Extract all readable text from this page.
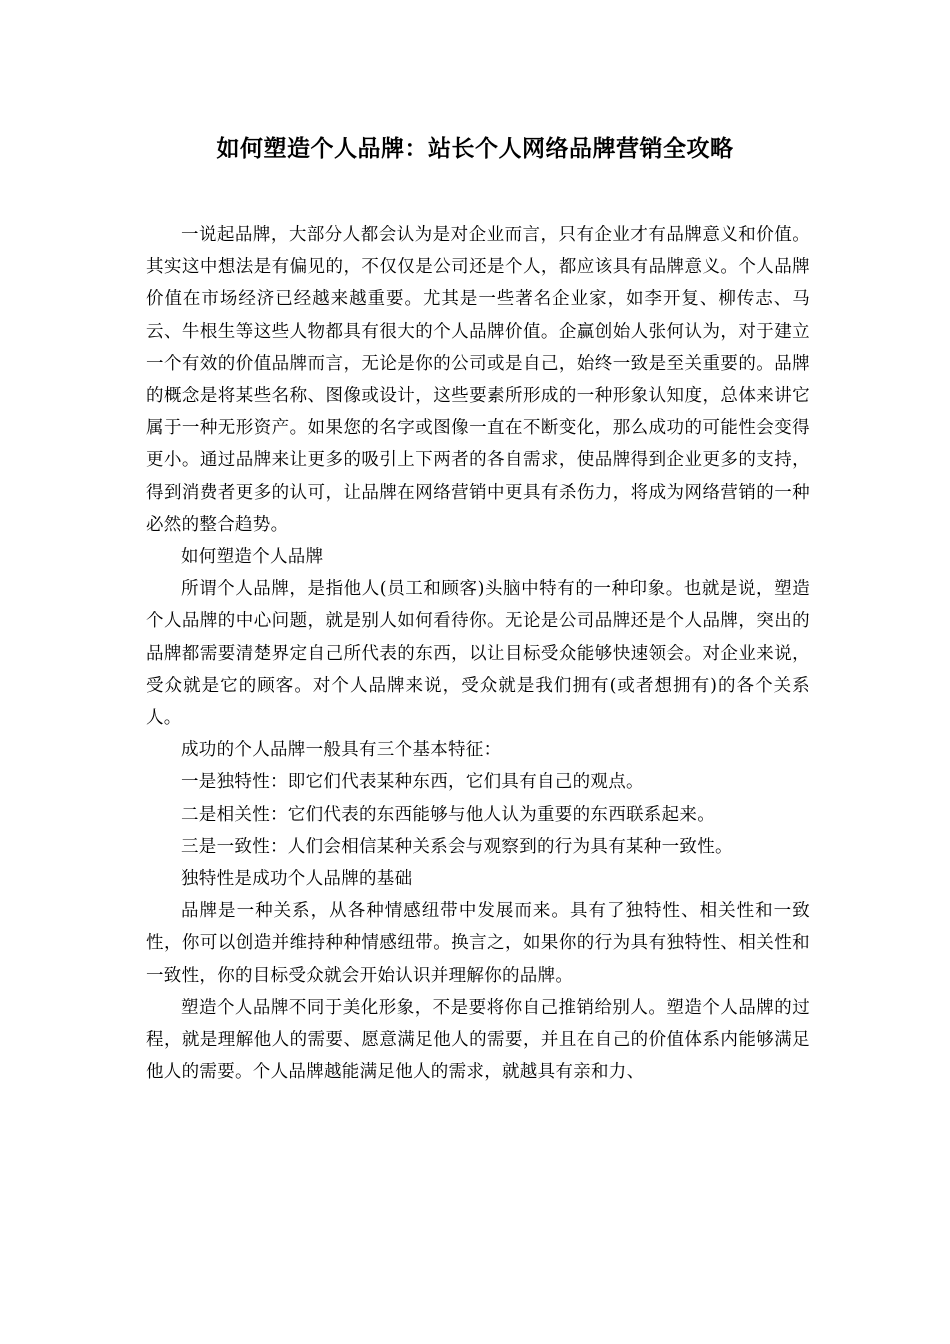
如何塑造个人品牌：站长个人网络品牌营销全攻略

一说起品牌，大部分人都会认为是对企业而言，只有企业才有品牌意义和价值。其实这中想法是有偏见的，不仅仅是公司还是个人，都应该具有品牌意义。个人品牌价值在市场经济已经越来越重要。尤其是一些著名企业家，如李开复、柳传志、马云、牛根生等这些人物都具有很大的个人品牌价值。企赢创始人张何认为，对于建立一个有效的价值品牌而言，无论是你的公司或是自己，始终一致是至关重要的。品牌的概念是将某些名称、图像或设计，这些要素所形成的一种形象认知度，总体来讲它属于一种无形资产。如果您的名字或图像一直在不断变化，那么成功的可能性会变得更小。通过品牌来让更多的吸引上下两者的各自需求，使品牌得到企业更多的支持，得到消费者更多的认可，让品牌在网络营销中更具有杀伤力，将成为网络营销的一种必然的整合趋势。

如何塑造个人品牌

所谓个人品牌，是指他人(员工和顾客)头脑中特有的一种印象。也就是说，塑造个人品牌的中心问题，就是别人如何看待你。无论是公司品牌还是个人品牌，突出的品牌都需要清楚界定自己所代表的东西，以让目标受众能够快速领会。对企业来说，受众就是它的顾客。对个人品牌来说，受众就是我们拥有(或者想拥有)的各个关系人。

成功的个人品牌一般具有三个基本特征：

一是独特性：即它们代表某种东西，它们具有自己的观点。

二是相关性：它们代表的东西能够与他人认为重要的东西联系起来。

三是一致性：人们会相信某种关系会与观察到的行为具有某种一致性。

独特性是成功个人品牌的基础

品牌是一种关系，从各种情感纽带中发展而来。具有了独特性、相关性和一致性，你可以创造并维持种种情感纽带。换言之，如果你的行为具有独特性、相关性和一致性，你的目标受众就会开始认识并理解你的品牌。

塑造个人品牌不同于美化形象，不是要将你自己推销给别人。塑造个人品牌的过程，就是理解他人的需要、愿意满足他人的需要，并且在自己的价值体系内能够满足他人的需要。个人品牌越能满足他人的需求，就越具有亲和力、
